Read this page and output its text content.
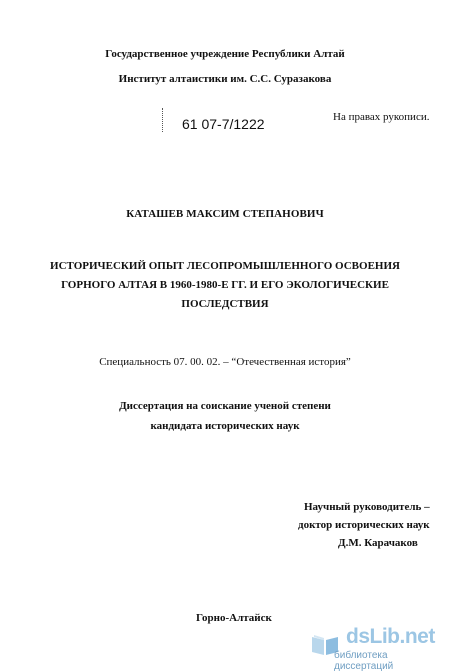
Государственное учреждение Республики Алтай
Институт алтаистики им. С.С. Суразакова
61 07-7/1222	На правах рукописи.
КАТАШЕВ МАКСИМ СТЕПАНОВИЧ
ИСТОРИЧЕСКИЙ ОПЫТ ЛЕСОПРОМЫШЛЕННОГО ОСВОЕНИЯ
ГОРНОГО АЛТАЯ В 1960-1980-Е ГГ. И ЕГО ЭКОЛОГИЧЕСКИЕ
ПОСЛЕДСТВИЯ
Специальность 07. 00. 02. – “Отечественная история”
Диссертация на соискание ученой степени
кандидата исторических наук
Научный руководитель –
доктор исторических наук
Д.М. Карачаков
Горно-Алтайск
dsLib.net
библиотека диссертаций
